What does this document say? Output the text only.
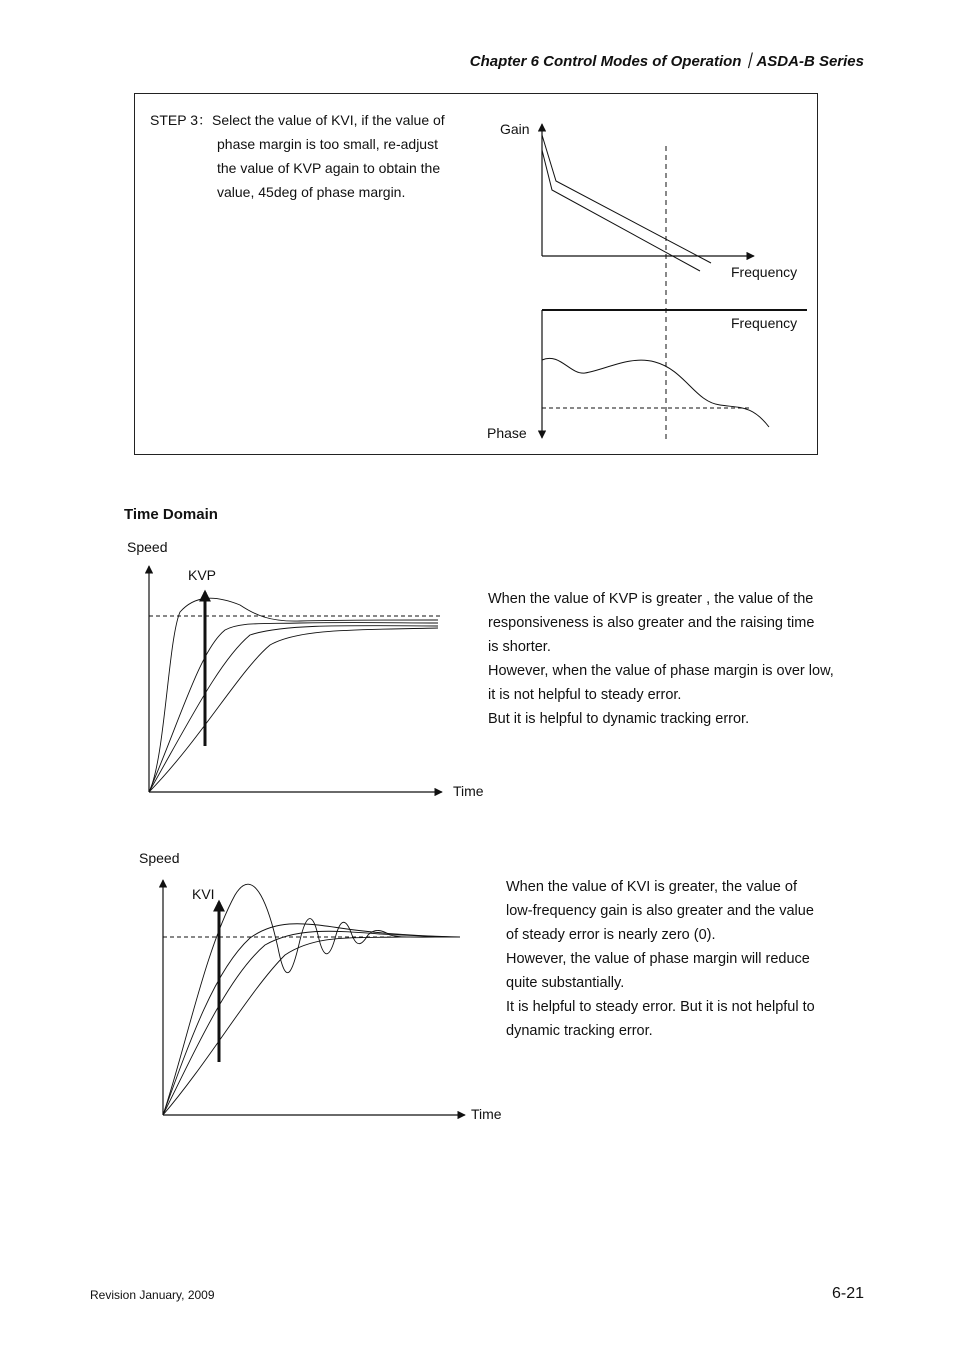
Chapter 6 Control Modes of Operation｜ASDA-B Series
STEP 3：Select the value of KVI, if the value of
phase margin is too small, re-adjust
the value of KVP again to obtain the
value, 45deg of phase margin.
Gain
Frequency
Frequency
Phase
Time Domain
Speed
KVP
Time
When the value of KVP is greater , the value of the
responsiveness is also greater and the raising time
is shorter.
However, when the value of phase margin is over low,
it is not helpful to steady error.
But it is helpful to dynamic tracking error.
Speed
KVI
Time
When the value of KVI is greater, the value of
low-frequency gain is also greater and the value
of steady error is nearly zero (0).
However, the value of phase margin will reduce
quite substantially.
It is helpful to steady error. But it is not helpful to
dynamic tracking error.
Revision January, 2009	6-21
